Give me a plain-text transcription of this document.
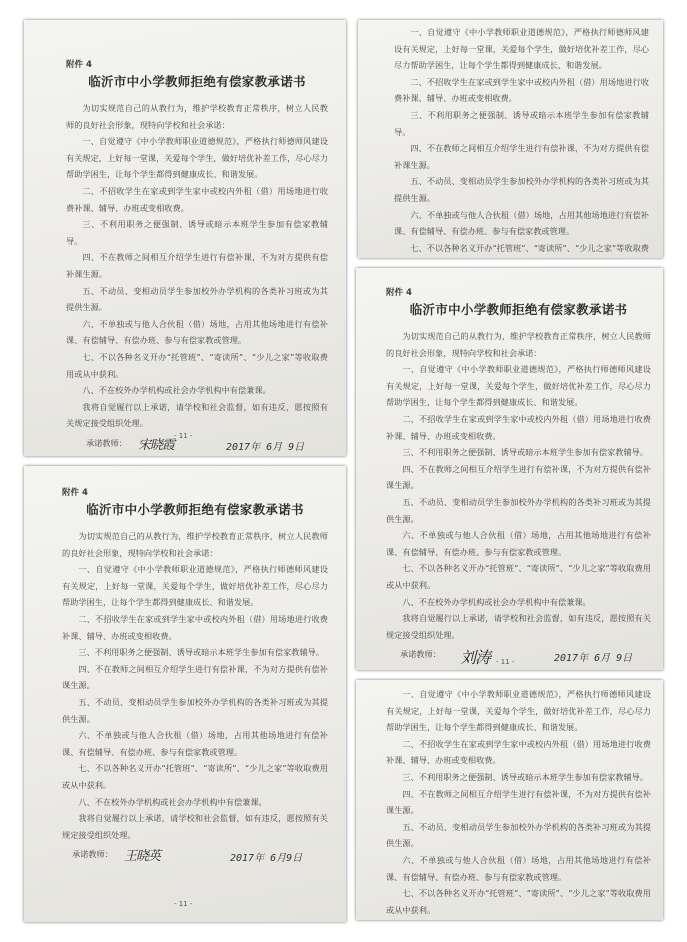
附件 4
临沂市中小学教师拒绝有偿家教承诺书
为切实规范自己的从教行为，维护学校教育正常秩序，树立人民教师的良好社会形象，现特向学校和社会承诺：
一、自觉遵守《中小学教师职业道德规范》，严格执行师德师风建设有关规定，上好每一堂课，关爱每个学生，做好培优补差工作，尽心尽力帮助学困生，让每个学生都得到健康成长、和谐发展。
二、不招收学生在家或到学生家中或校内外租（借）用场地进行收费补课、辅导、办班或变相收费。
三、不利用职务之便强制、诱导或暗示本班学生参加有偿家教辅导。
四、不在教师之间相互介绍学生进行有偿补课，不为对方提供有偿补课生源。
五、不动员、变相动员学生参加校外办学机构的各类补习班或为其提供生源。
六、不单独或与他人合伙租（借）场地，占用其他场地进行有偿补课、有偿辅导、有偿办班、参与有偿家教或管理。
七、不以各种名义开办“托管班”、“寄读所”、“少儿之家”等收取费用或从中获利。
八、不在校外办学机构或社会办学机构中有偿兼课。
我将自觉履行以上承诺，请学校和社会监督，如有违反，愿按照有关规定接受组织处理。
承诺教师： 宋晓霞	2017年 6月 9日
- 11 -
一、自觉遵守《中小学教师职业道德规范》，严格执行师德师风建设有关规定，上好每一堂课，关爱每个学生，做好培优补差工作，尽心尽力帮助学困生，让每个学生都得到健康成长、和谐发展。
二、不招收学生在家或到学生家中或校内外租（借）用场地进行收费补课、辅导、办班或变相收费。
三、不利用职务之便强制、诱导或暗示本班学生参加有偿家教辅导。
四、不在教师之间相互介绍学生进行有偿补课，不为对方提供有偿补课生源。
五、不动员、变相动员学生参加校外办学机构的各类补习班或为其提供生源。
六、不单独或与他人合伙租（借）场地，占用其他场地进行有偿补课、有偿辅导、有偿办班、参与有偿家教或管理。
七、不以各种名义开办“托管班”、“寄读所”、“少儿之家”等收取费
附件 4
临沂市中小学教师拒绝有偿家教承诺书
为切实规范自己的从教行为，维护学校教育正常秩序，树立人民教师的良好社会形象，现特向学校和社会承诺：
一、自觉遵守《中小学教师职业道德规范》，严格执行师德师风建设有关规定，上好每一堂课，关爱每个学生，做好培优补差工作，尽心尽力帮助学困生，让每个学生都得到健康成长、和谐发展。
二、不招收学生在家或到学生家中或校内外租（借）用场地进行收费补课、辅导、办班或变相收费。
三、不利用职务之便强制、诱导或暗示本班学生参加有偿家教辅导。
四、不在教师之间相互介绍学生进行有偿补课，不为对方提供有偿补课生源。
五、不动员、变相动员学生参加校外办学机构的各类补习班或为其提供生源。
六、不单独或与他人合伙租（借）场地，占用其他场地进行有偿补课、有偿辅导、有偿办班、参与有偿家教或管理。
七、不以各种名义开办“托管班”、“寄读所”、“少儿之家”等收取费用或从中获利。
八、不在校外办学机构或社会办学机构中有偿兼课。
我将自觉履行以上承诺，请学校和社会监督，如有违反，愿按照有关规定接受组织处理。
承诺教师： 王晓英	2017年 6月9日
- 11 -
附件 4
临沂市中小学教师拒绝有偿家教承诺书
为切实规范自己的从教行为，维护学校教育正常秩序，树立人民教师的良好社会形象，现特向学校和社会承诺：
一、自觉遵守《中小学教师职业道德规范》，严格执行师德师风建设有关规定，上好每一堂课，关爱每个学生，做好培优补差工作，尽心尽力帮助学困生，让每个学生都得到健康成长、和谐发展。
二、不招收学生在家或到学生家中或校内外租（借）用场地进行收费补课、辅导、办班或变相收费。
三、不利用职务之便强制、诱导或暗示本班学生参加有偿家教辅导。
四、不在教师之间相互介绍学生进行有偿补课，不为对方提供有偿补课生源。
五、不动员、变相动员学生参加校外办学机构的各类补习班或为其提供生源。
六、不单独或与他人合伙租（借）场地，占用其他场地进行有偿补课、有偿辅导、有偿办班、参与有偿家教或管理。
七、不以各种名义开办“托管班”、“寄读所”、“少儿之家”等收取费用或从中获利。
八、不在校外办学机构或社会办学机构中有偿兼课。
我将自觉履行以上承诺，请学校和社会监督，如有违反，愿按照有关规定接受组织处理。
承诺教师： 刘涛	2017年 6月 9日
- 11 -
一、自觉遵守《中小学教师职业道德规范》，严格执行师德师风建设有关规定，上好每一堂课，关爱每个学生，做好培优补差工作，尽心尽力帮助学困生，让每个学生都得到健康成长、和谐发展。
二、不招收学生在家或到学生家中或校内外租（借）用场地进行收费补课、辅导、办班或变相收费。
三、不利用职务之便强制、诱导或暗示本班学生参加有偿家教辅导。
四、不在教师之间相互介绍学生进行有偿补课，不为对方提供有偿补课生源。
五、不动员、变相动员学生参加校外办学机构的各类补习班或为其提供生源。
六、不单独或与他人合伙租（借）场地，占用其他场地进行有偿补课、有偿辅导、有偿办班、参与有偿家教或管理。
七、不以各种名义开办“托管班”、“寄读所”、“少儿之家”等收取费用或从中获利。
